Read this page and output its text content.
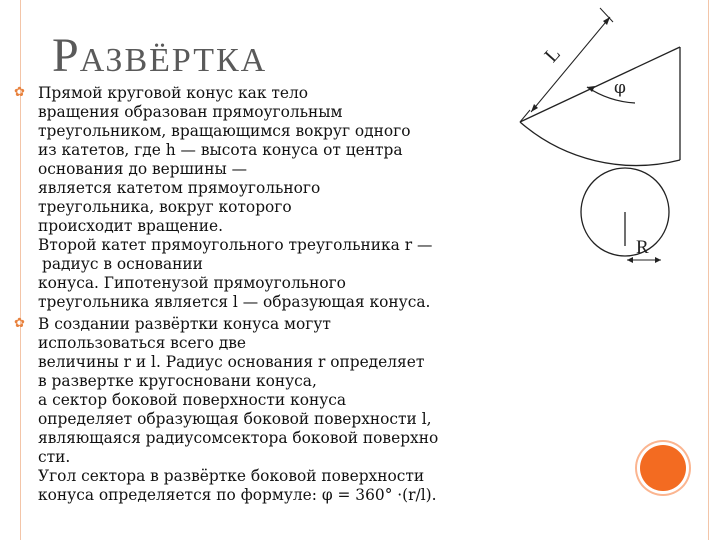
РАЗВЁРТКА
✿ Прямой круговой конус как тело
вращения образован прямоугольным
треугольником, вращающимся вокруг одного
из катетов, где h — высота конуса от центра
основания до вершины —
является катетом прямоугольного
треугольника, вокруг которого
происходит вращение.
Второй катет прямоугольного треугольника r —
радиус в основании
конуса. Гипотенузой прямоугольного
треугольника является l — образующая конуса.
✿ В создании развёртки конуса могут
использоваться всего две
величины r и l. Радиус основания r определяет
в развертке кругосновани конуса,
а сектор боковой поверхности конуса
определяет образующая боковой поверхности l,
являющаяся радиусомсектора боковой поверхно
сти.
Угол сектора в развёртке боковой поверхности
конуса определяется по формуле: φ = 360° ·(r/l).
L
φ
R
